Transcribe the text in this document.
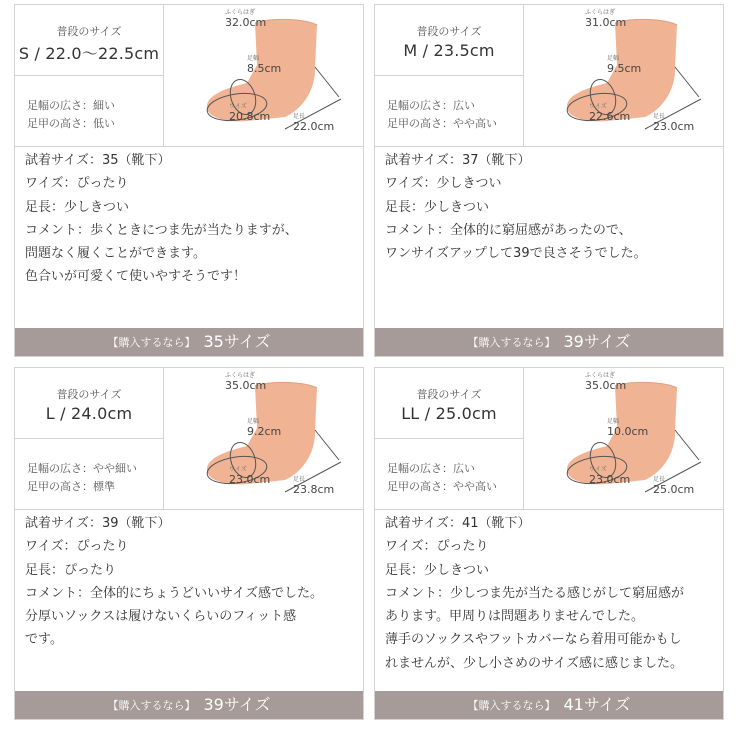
普段のサイズ
S / 22.0〜22.5cm
足幅の広さ：細い
足甲の高さ：低い
ふくらはぎ
32.0cm
足幅
8.5cm
ワイズ
20.8cm	足長
22.0cm
試着サイズ：35（靴下）
ワイズ：ぴったり
足長：少しきつい
コメント：歩くときにつま先が当たりますが、
問題なく履くことができます。
色合いが可愛くて使いやすそうです！
【購入するなら】 35サイズ
普段のサイズ
M / 23.5cm
足幅の広さ：広い
足甲の高さ：やや高い
ふくらはぎ
31.0cm
足幅
9.5cm
ワイズ
22.6cm	足長
23.0cm
試着サイズ：37（靴下）
ワイズ：少しきつい
足長：少しきつい
コメント：全体的に窮屈感があったので、
ワンサイズアップして39で良さそうでした。
【購入するなら】 39サイズ
普段のサイズ
L / 24.0cm
足幅の広さ：やや細い
足甲の高さ：標準
ふくらはぎ
35.0cm
足幅
9.2cm
ワイズ
23.0cm	足長
23.8cm
試着サイズ：39（靴下）
ワイズ：ぴったり
足長：ぴったり
コメント：全体的にちょうどいいサイズ感でした。
分厚いソックスは履けないくらいのフィット感
です。
【購入するなら】 39サイズ
普段のサイズ
LL / 25.0cm
足幅の広さ：広い
足甲の高さ：やや高い
ふくらはぎ
35.0cm
足幅
10.0cm
ワイズ
23.0cm	足長
25.0cm
試着サイズ：41（靴下）
ワイズ：ぴったり
足長：少しきつい
コメント：少しつま先が当たる感じがして窮屈感が
あります。甲周りは問題ありませんでした。
薄手のソックスやフットカバーなら着用可能かもし
れませんが、少し小さめのサイズ感に感じました。
【購入するなら】 41サイズ
